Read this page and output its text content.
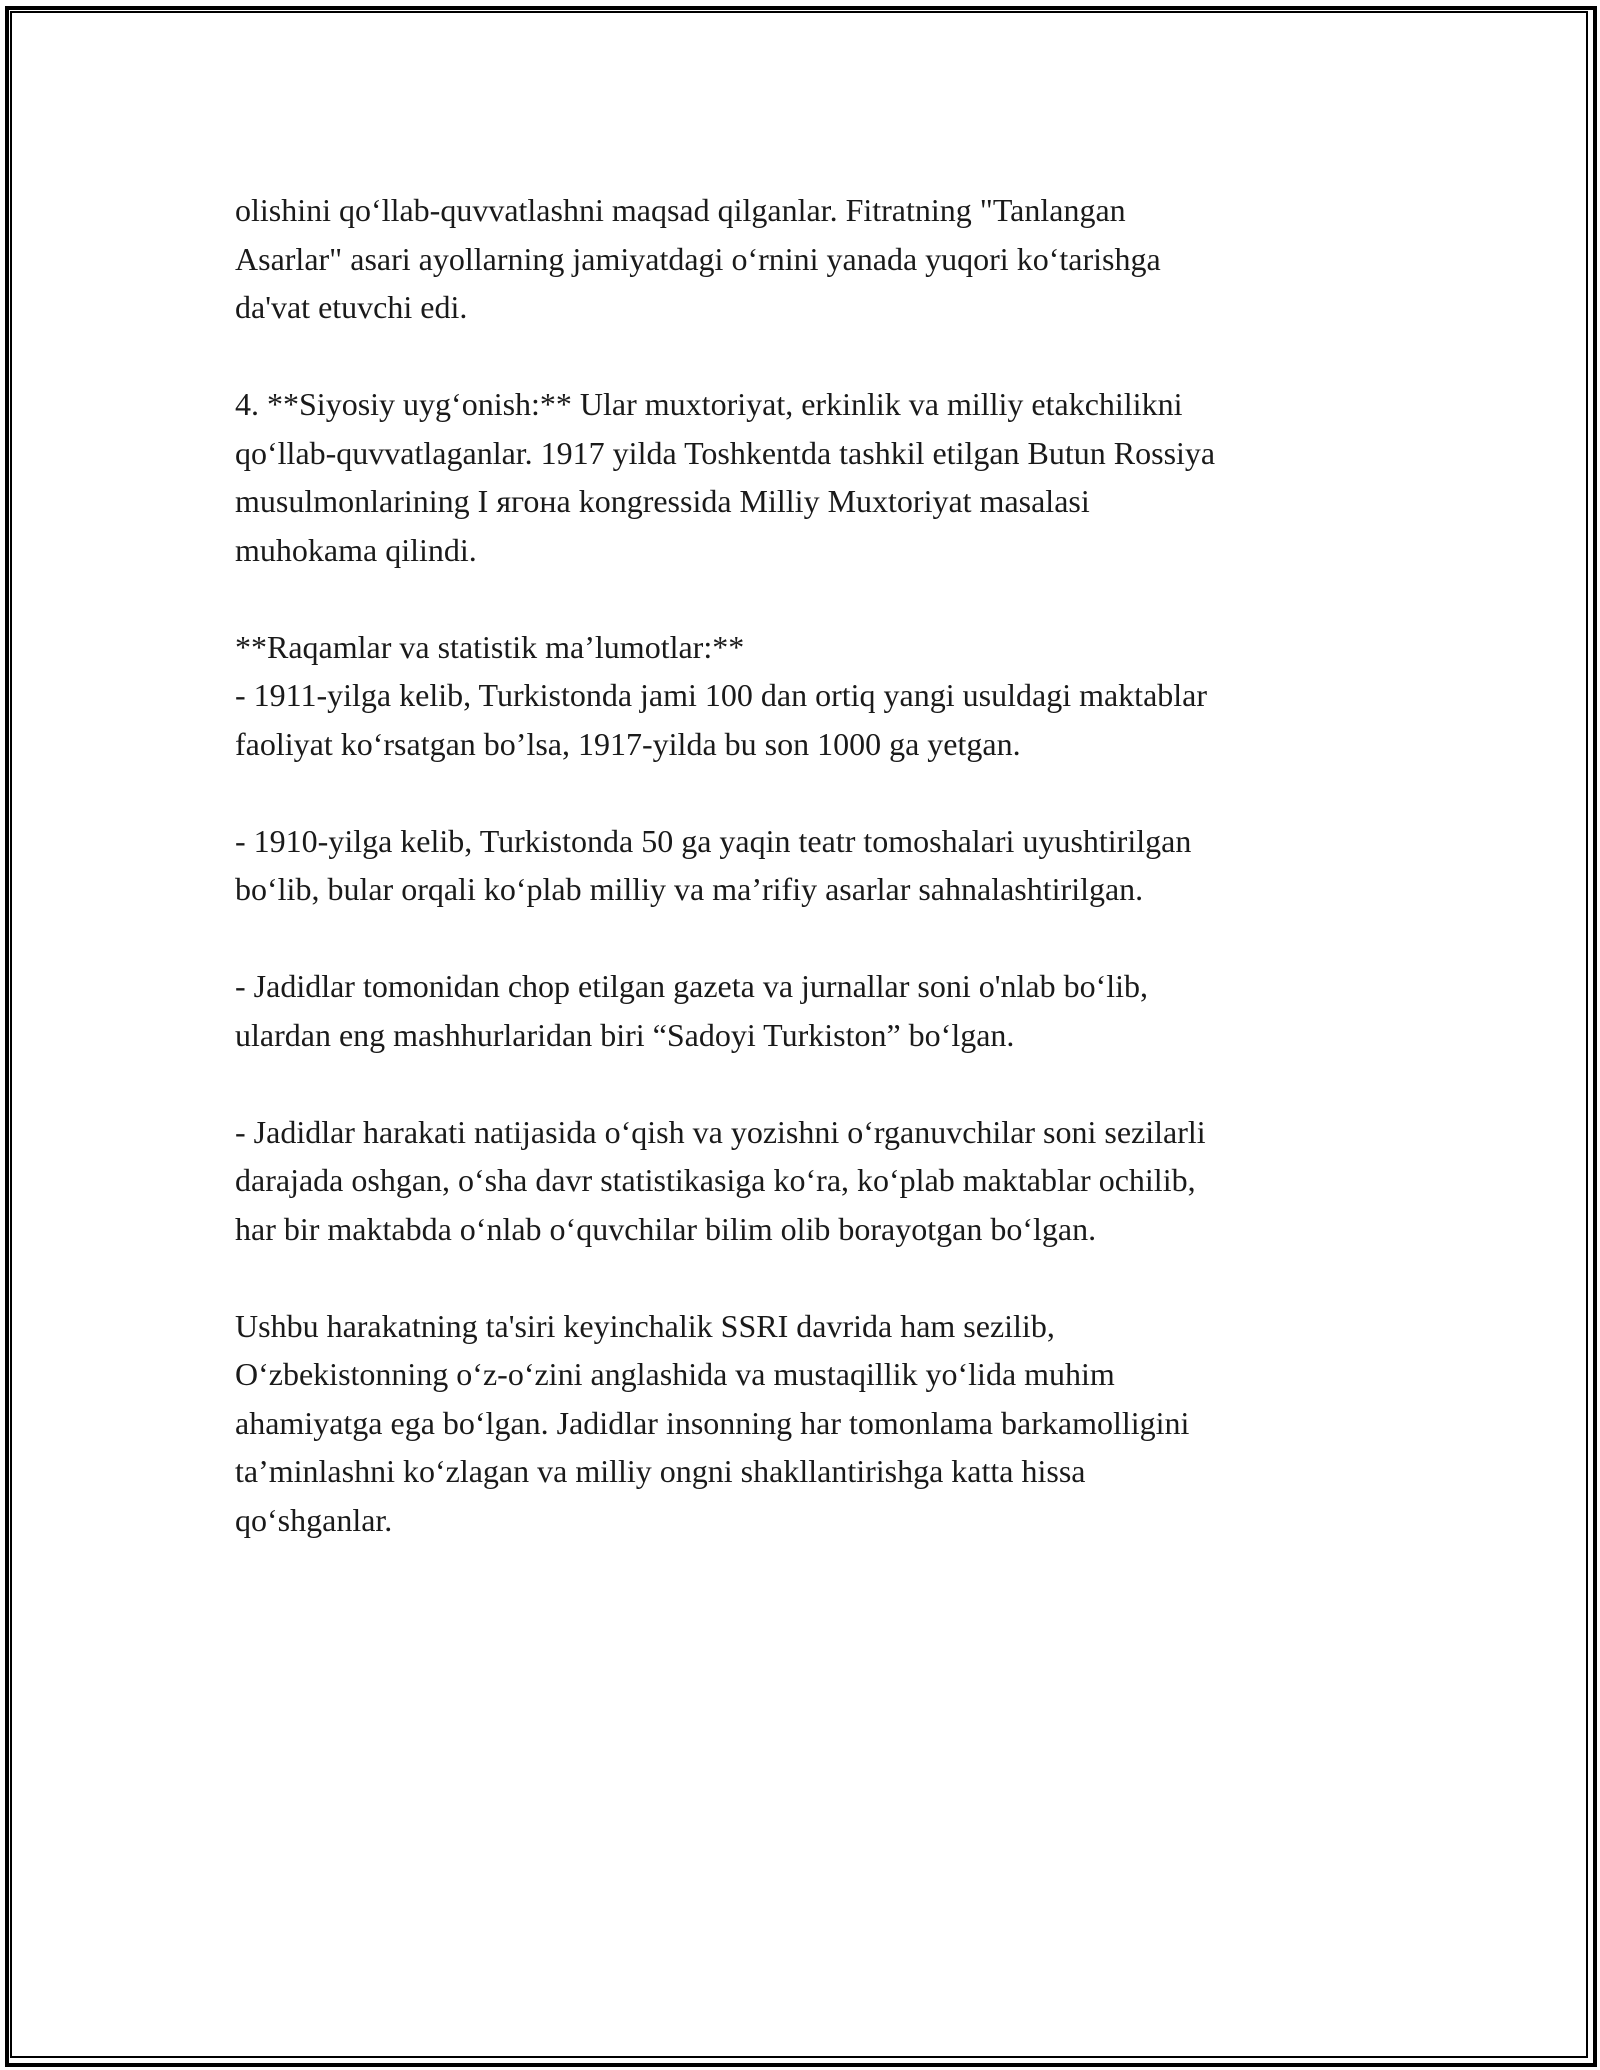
olishini qo‘llab-quvvatlashni maqsad qilganlar. Fitratning "Tanlangan
Asarlar" asari ayollarning jamiyatdagi o‘rnini yanada yuqori ko‘tarishga
da'vat etuvchi edi.

4. **Siyosiy uyg‘onish:** Ular muxtoriyat, erkinlik va milliy etakchilikni
qo‘llab-quvvatlaganlar. 1917 yilda Toshkentda tashkil etilgan Butun Rossiya
musulmonlarining I ягона kongressida Milliy Muxtoriyat masalasi
muhokama qilindi.

**Raqamlar va statistik ma’lumotlar:**
- 1911-yilga kelib, Turkistonda jami 100 dan ortiq yangi usuldagi maktablar
faoliyat ko‘rsatgan bo’lsa, 1917-yilda bu son 1000 ga yetgan.

- 1910-yilga kelib, Turkistonda 50 ga yaqin teatr tomoshalari uyushtirilgan
bo‘lib, bular orqali ko‘plab milliy va ma’rifiy asarlar sahnalashtirilgan.

- Jadidlar tomonidan chop etilgan gazeta va jurnallar soni o'nlab bo‘lib,
ulardan eng mashhurlaridan biri “Sadoyi Turkiston” bo‘lgan.

- Jadidlar harakati natijasida o‘qish va yozishni o‘rganuvchilar soni sezilarli
darajada oshgan, o‘sha davr statistikasiga ko‘ra, ko‘plab maktablar ochilib,
har bir maktabda o‘nlab o‘quvchilar bilim olib borayotgan bo‘lgan.

Ushbu harakatning ta'siri keyinchalik SSRI davrida ham sezilib,
O‘zbekistonning o‘z-o‘zini anglashida va mustaqillik yo‘lida muhim
ahamiyatga ega bo‘lgan. Jadidlar insonning har tomonlama barkamolligini
ta’minlashni ko‘zlagan va milliy ongni shakllantirishga katta hissa
qo‘shganlar.
